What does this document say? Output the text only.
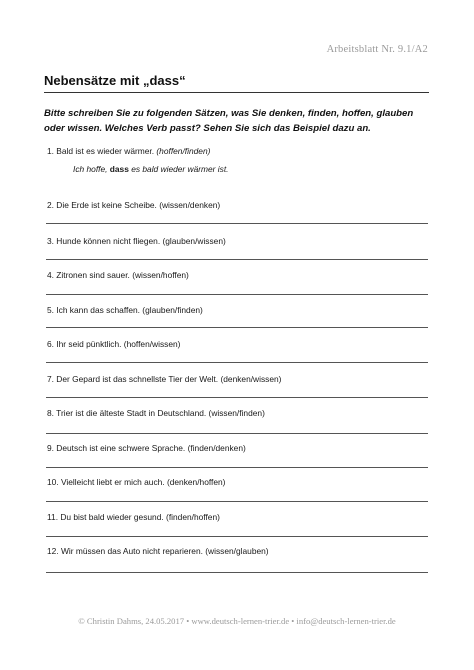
Arbeitsblatt Nr. 9.1/A2
Nebensätze mit „dass“
Bitte schreiben Sie zu folgenden Sätzen, was Sie denken, finden, hoffen, glauben oder wissen. Welches Verb passt? Sehen Sie sich das Beispiel dazu an.
1. Bald ist es wieder wärmer. (hoffen/finden)
Ich hoffe, dass es bald wieder wärmer ist.
2. Die Erde ist keine Scheibe. (wissen/denken)
3. Hunde können nicht fliegen. (glauben/wissen)
4. Zitronen sind sauer. (wissen/hoffen)
5. Ich kann das schaffen. (glauben/finden)
6. Ihr seid pünktlich. (hoffen/wissen)
7. Der Gepard ist das schnellste Tier der Welt. (denken/wissen)
8. Trier ist die älteste Stadt in Deutschland. (wissen/finden)
9. Deutsch ist eine schwere Sprache. (finden/denken)
10. Vielleicht liebt er mich auch. (denken/hoffen)
11. Du bist bald wieder gesund. (finden/hoffen)
12. Wir müssen das Auto nicht reparieren. (wissen/glauben)
© Christin Dahms, 24.05.2017 • www.deutsch-lernen-trier.de • info@deutsch-lernen-trier.de
